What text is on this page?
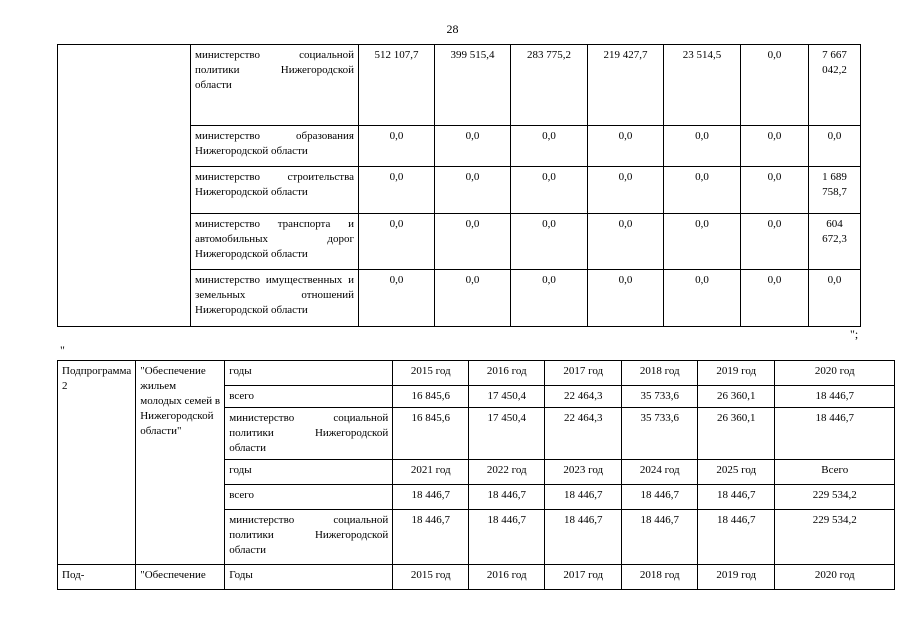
28
	министерство социальной политики Нижегородской области	512 107,7	399 515,4	283 775,2	219 427,7	23 514,5	0,0	7 667 042,2
	министерство образования Нижегородской области	0,0	0,0	0,0	0,0	0,0	0,0	0,0
	министерство строительства Нижегородской области	0,0	0,0	0,0	0,0	0,0	0,0	1 689 758,7
	министерство транспорта и автомобильных дорог Нижегородской области	0,0	0,0	0,0	0,0	0,0	0,0	604 672,3
	министерство имущественных и земельных отношений Нижегородской области	0,0	0,0	0,0	0,0	0,0	0,0	0,0
";
"
Подпрограмма 2	"Обеспечение жильем молодых семей в Нижегородской области"	годы	2015 год	2016 год	2017 год	2018 год	2019 год	2020 год
		всего	16 845,6	17 450,4	22 464,3	35 733,6	26 360,1	18 446,7
		министерство социальной политики Нижегородской области	16 845,6	17 450,4	22 464,3	35 733,6	26 360,1	18 446,7
		годы	2021 год	2022 год	2023 год	2024 год	2025 год	Всего
		всего	18 446,7	18 446,7	18 446,7	18 446,7	18 446,7	229 534,2
		министерство социальной политики Нижегородской области	18 446,7	18 446,7	18 446,7	18 446,7	18 446,7	229 534,2
Под-	"Обеспечение	Годы	2015 год	2016 год	2017 год	2018 год	2019 год	2020 год
